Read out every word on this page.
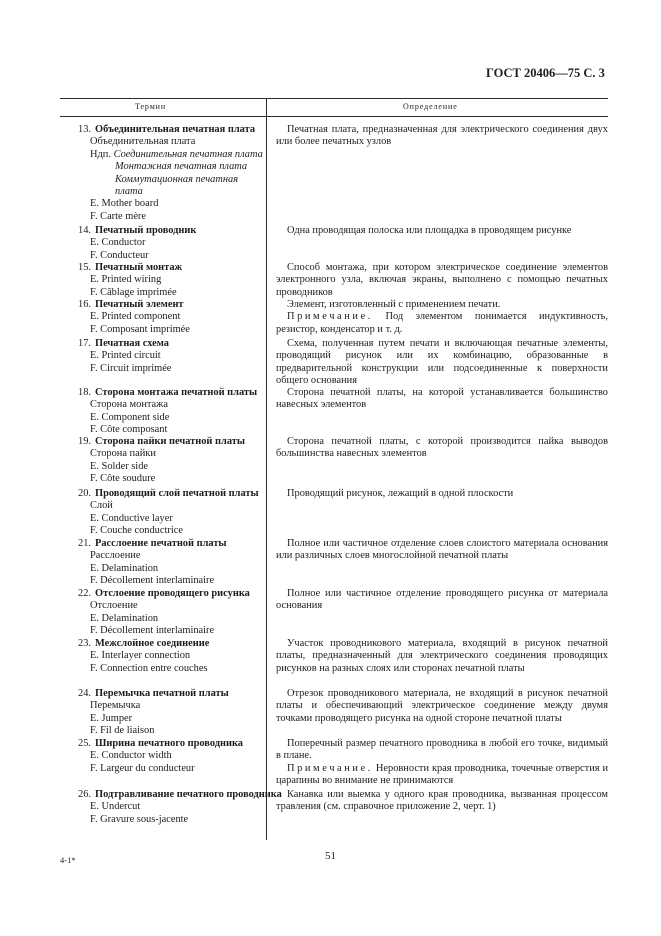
ГОСТ 20406—75 С. 3
Термин	Определение
13. Объединительная печатная плата
Объединительная плата
Ндп. Соединительная печатная плата
Монтажная печатная плата
Коммутационная печатная
плата
E. Mother board
F. Carte mère
Печатная плата, предназначенная для электрического соединения двух или более печатных узлов
14. Печатный проводник
E. Conductor
F. Conducteur
Одна проводящая полоска или площадка в проводящем рисунке
15. Печатный монтаж
E. Printed wiring
F. Câblage imprimée
Способ монтажа, при котором электрическое соединение элементов электронного узла, включая экраны, выполнено с помощью печатных проводников
16. Печатный элемент
E. Printed component
F. Composant imprimée
Элемент, изготовленный с применением печати.
Примечание. Под элементом понимается индуктивность, резистор, конденсатор и т. д.
17. Печатная схема
E. Printed circuit
F. Circuit imprimée
Схема, полученная путем печати и включающая печатные элементы, проводящий рисунок или их комбинацию, образованные в предварительной конструкции или подсоединенные к поверхности общего основания
18. Сторона монтажа печатной платы
Сторона монтажа
E. Component side
F. Côte composant
Сторона печатной платы, на которой устанавливается большинство навесных элементов
19. Сторона пайки печатной платы
Сторона пайки
E. Solder side
F. Côte soudure
Сторона печатной платы, с которой производится пайка выводов большинства навесных элементов
20. Проводящий слой печатной платы
Слой
E. Conductive layer
F. Couche conductrice
Проводящий рисунок, лежащий в одной плоскости
21. Расслоение печатной платы
Расслоение
E. Delamination
F. Décollement interlaminaire
Полное или частичное отделение слоев слоистого материала основания или различных слоев многослойной печатной платы
22. Отслоение проводящего рисунка
Отслоение
E. Delamination
F. Décollement interlaminaire
Полное или частичное отделение проводящего рисунка от материала основания
23. Межслойное соединение
E. Interlayer connection
F. Connection entre couches
Участок проводникового материала, входящий в рисунок печатной платы, предназначенный для электрического соединения проводящих рисунков на разных слоях или сторонах печатной платы
24. Перемычка печатной платы
Перемычка
E. Jumper
F. Fil de liaison
Отрезок проводникового материала, не входящий в рисунок печатной платы и обеспечивающий электрическое соединение между двумя точками проводящего рисунка на одной стороне печатной платы
25. Ширина печатного проводника
E. Conductor width
F. Largeur du conducteur
Поперечный размер печатного проводника в любой его точке, видимый в плане.
Примечание. Неровности края проводника, точечные отверстия и царапины во внимание не принимаются
26. Подтравливание печатного проводника
E. Undercut
F. Gravure sous-jacente
Канавка или выемка у одного края проводника, вызванная процессом травления (см. справочное приложение 2, черт. 1)
4-1*	51
